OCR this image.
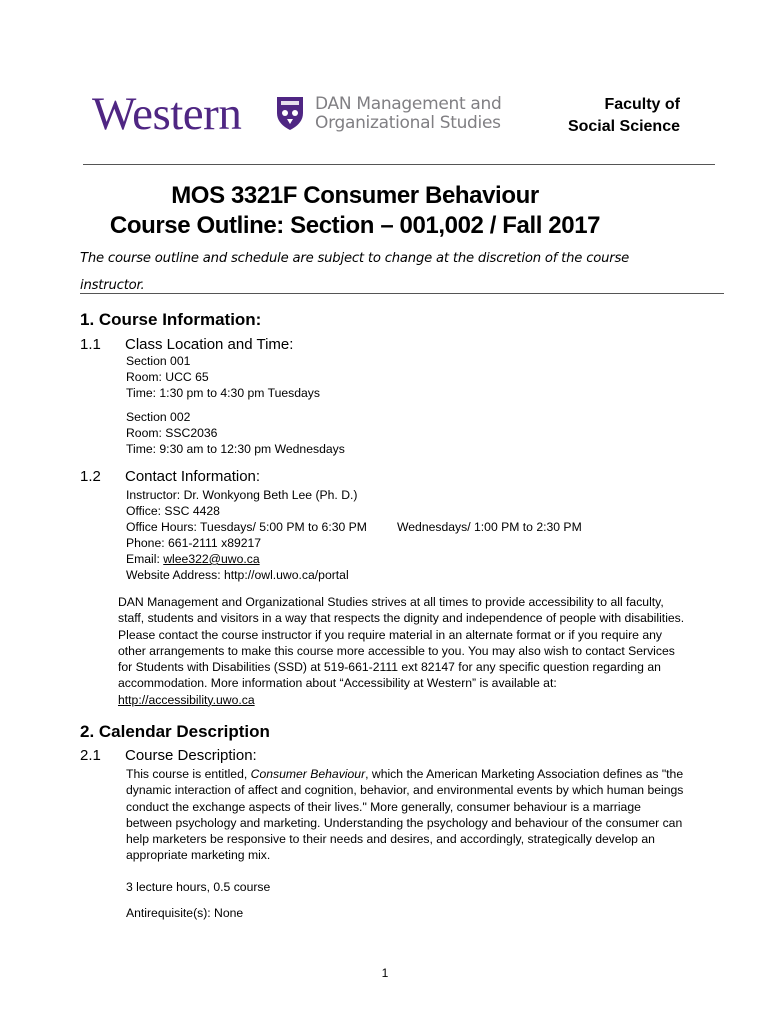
Western	DAN Management and
Organizational Studies
Faculty of
Social Science
MOS 3321F Consumer Behaviour
Course Outline: Section – 001,002 / Fall 2017
The course outline and schedule are subject to change at the discretion of the course instructor.
1. Course Information:
1.1 Class Location and Time:
Section 001
Room: UCC 65
Time: 1:30 pm to 4:30 pm Tuesdays
Section 002
Room: SSC2036
Time: 9:30 am to 12:30 pm Wednesdays
1.2 Contact Information:
Instructor: Dr. Wonkyong Beth Lee (Ph. D.)
Office: SSC 4428
Office Hours: Tuesdays/ 5:00 PM to 6:30 PM Wednesdays/ 1:00 PM to 2:30 PM
Phone: 661-2111 x89217
Email: wlee322@uwo.ca
Website Address: http://owl.uwo.ca/portal
DAN Management and Organizational Studies strives at all times to provide accessibility to all faculty, staff, students and visitors in a way that respects the dignity and independence of people with disabilities. Please contact the course instructor if you require material in an alternate format or if you require any other arrangements to make this course more accessible to you. You may also wish to contact Services for Students with Disabilities (SSD) at 519-661-2111 ext 82147 for any specific question regarding an accommodation. More information about “Accessibility at Western” is available at: http://accessibility.uwo.ca
2. Calendar Description
2.1 Course Description:
This course is entitled, Consumer Behaviour, which the American Marketing Association defines as "the dynamic interaction of affect and cognition, behavior, and environmental events by which human beings conduct the exchange aspects of their lives." More generally, consumer behaviour is a marriage between psychology and marketing. Understanding the psychology and behaviour of the consumer can help marketers be responsive to their needs and desires, and accordingly, strategically develop an appropriate marketing mix.
3 lecture hours, 0.5 course
Antirequisite(s): None
1
